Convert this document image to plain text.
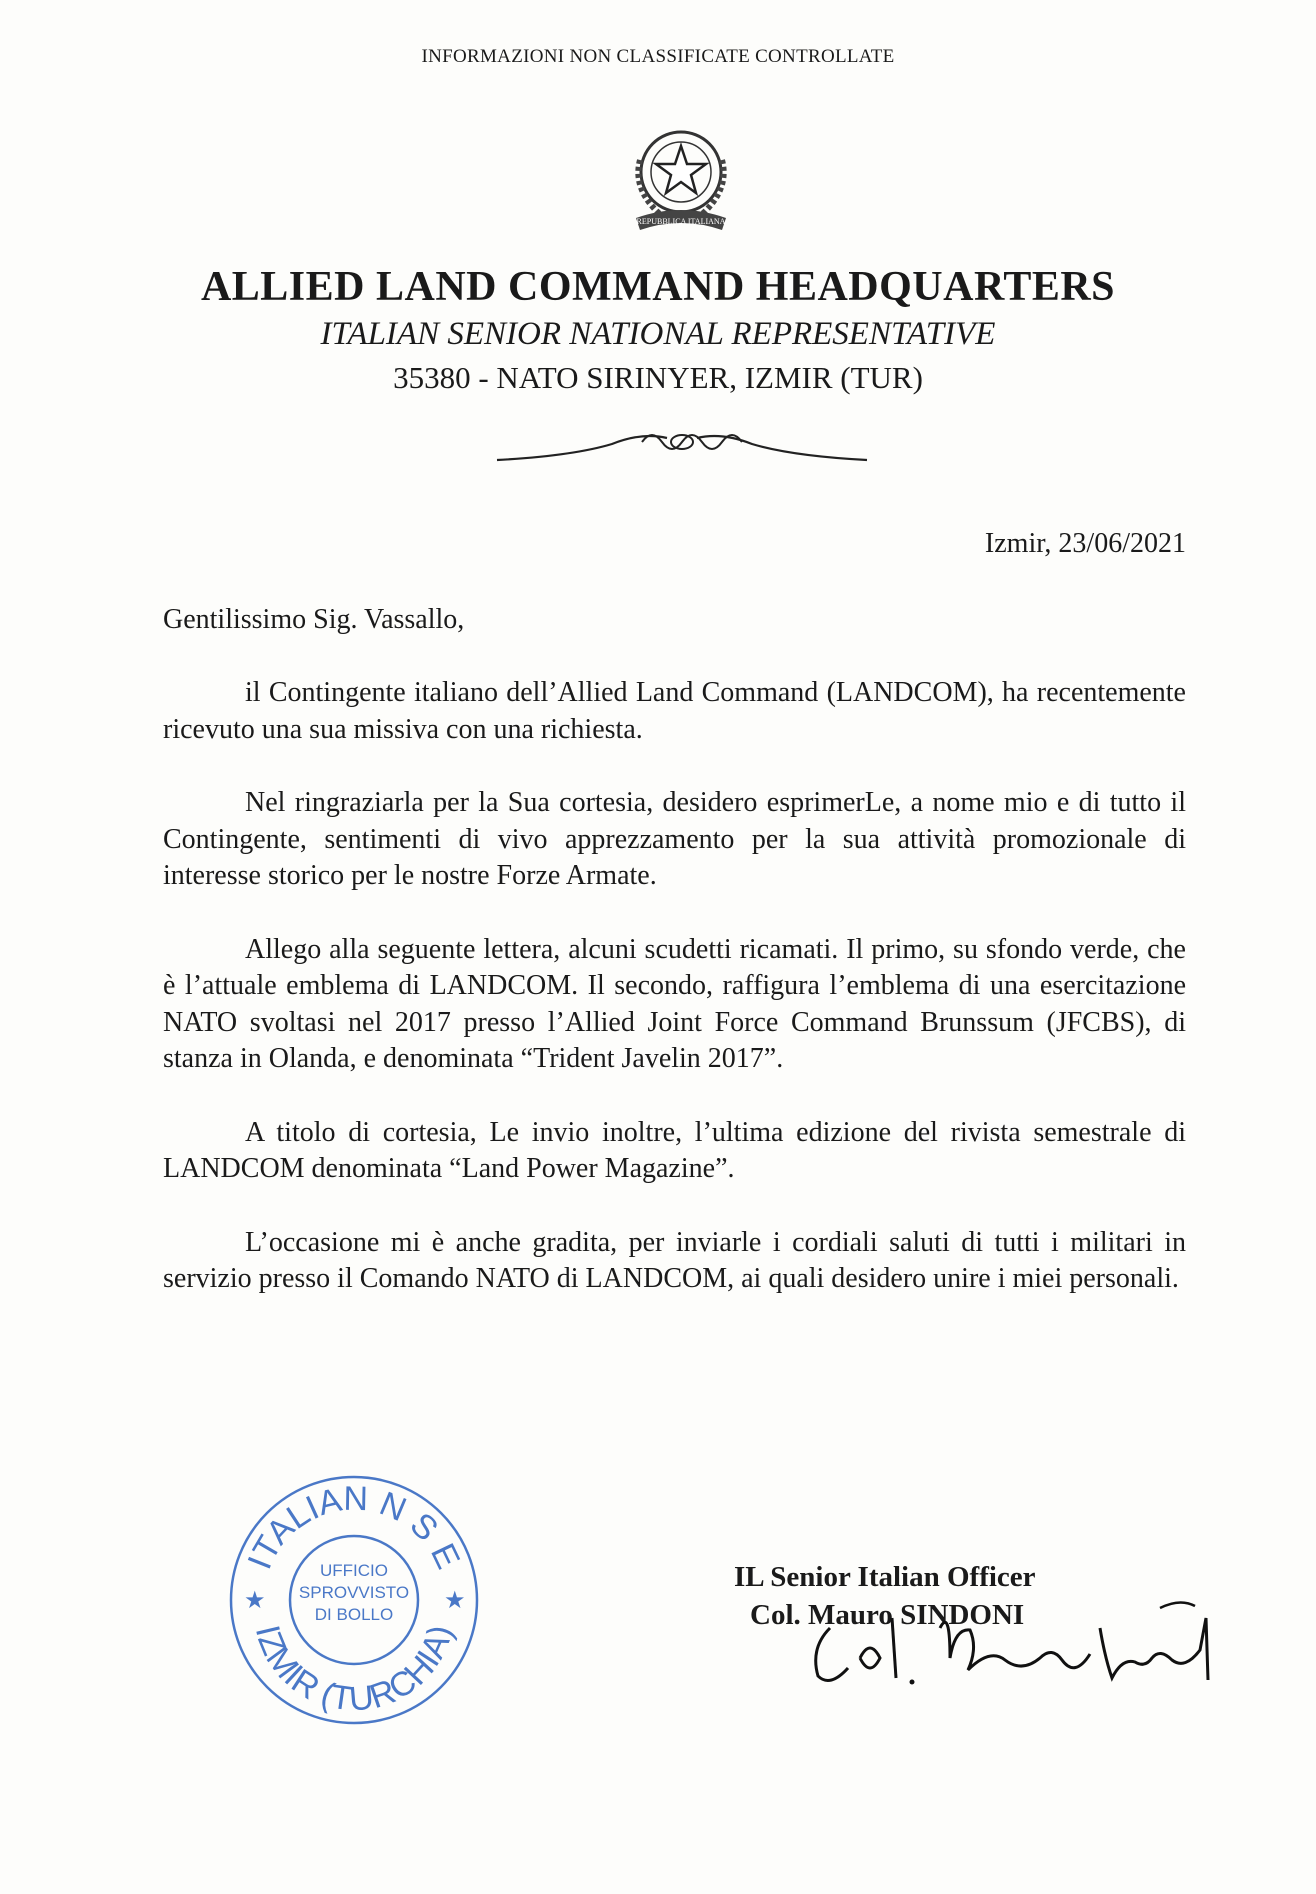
INFORMAZIONI NON CLASSIFICATE CONTROLLATE
REPUBBLICA ITALIANA
ALLIED LAND COMMAND HEADQUARTERS
ITALIAN SENIOR NATIONAL REPRESENTATIVE
35380 - NATO SIRINYER, IZMIR (TUR)
Izmir, 23/06/2021
Gentilissimo Sig. Vassallo,

il Contingente italiano dell’Allied Land Command (LANDCOM), ha recentemente ricevuto una sua missiva con una richiesta.

Nel ringraziarla per la Sua cortesia, desidero esprimerLe, a nome mio e di tutto il Contingente, sentimenti di vivo apprezzamento per la sua attività promozionale di interesse storico per le nostre Forze Armate.

Allego alla seguente lettera, alcuni scudetti ricamati. Il primo, su sfondo verde, che è l’attuale emblema di LANDCOM. Il secondo, raffigura l’emblema di una esercitazione NATO svoltasi nel 2017 presso l’Allied Joint Force Command Brunssum (JFCBS), di stanza in Olanda, e denominata “Trident Javelin 2017”.

A titolo di cortesia, Le invio inoltre, l’ultima edizione del rivista semestrale di LANDCOM denominata “Land Power Magazine”.

L’occasione mi è anche gradita, per inviarle i cordiali saluti di tutti i militari in servizio presso il Comando NATO di LANDCOM, ai quali desidero unire i miei personali.

ITALIAN N S E
IZMIR (TURCHIA)
★	★
UFFICIO
SPROVVISTO
DI BOLLO
IL Senior Italian Officer
Col. Mauro SINDONI
